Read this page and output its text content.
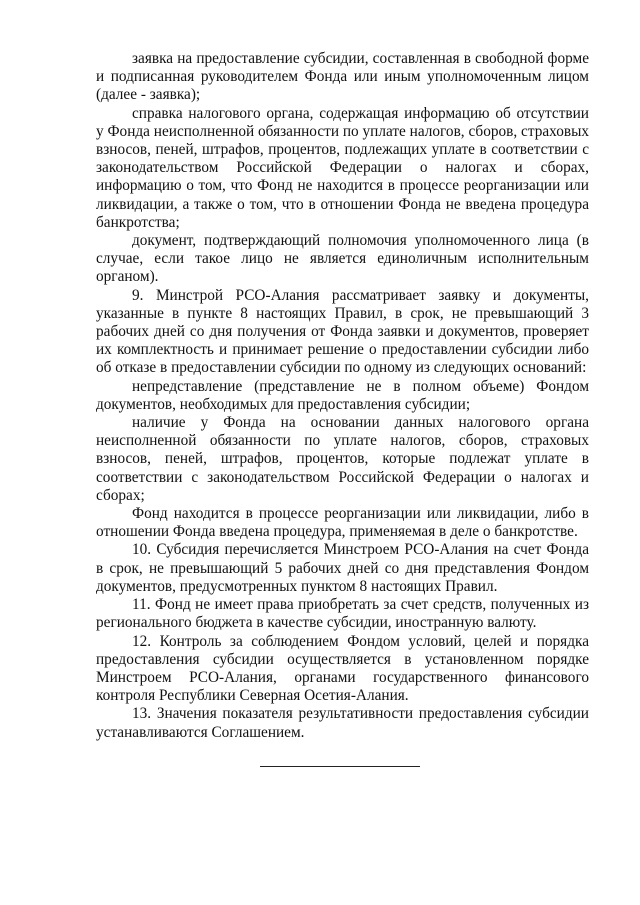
заявка на предоставление субсидии, составленная в свободной форме и подписанная руководителем Фонда или иным уполномоченным лицом (далее - заявка);

справка налогового органа, содержащая информацию об отсутствии у Фонда неисполненной обязанности по уплате налогов, сборов, страховых взносов, пеней, штрафов, процентов, подлежащих уплате в соответствии с законодательством Российской Федерации о налогах и сборах, информацию о том, что Фонд не находится в процессе реорганизации или ликвидации, а также о том, что в отношении Фонда не введена процедура банкротства;

документ, подтверждающий полномочия уполномоченного лица (в случае, если такое лицо не является единоличным исполнительным органом).

9. Минстрой РСО-Алания рассматривает заявку и документы, указанные в пункте 8 настоящих Правил, в срок, не превышающий 3 рабочих дней со дня получения от Фонда заявки и документов, проверяет их комплектность и принимает решение о предоставлении субсидии либо об отказе в предоставлении субсидии по одному из следующих оснований:

непредставление (представление не в полном объеме) Фондом документов, необходимых для предоставления субсидии;

наличие у Фонда на основании данных налогового органа неисполненной обязанности по уплате налогов, сборов, страховых взносов, пеней, штрафов, процентов, которые подлежат уплате в соответствии с законодательством Российской Федерации о налогах и сборах;

Фонд находится в процессе реорганизации или ликвидации, либо в отношении Фонда введена процедура, применяемая в деле о банкротстве.

10. Субсидия перечисляется Минстроем РСО-Алания на счет Фонда в срок, не превышающий 5 рабочих дней со дня представления Фондом документов, предусмотренных пунктом 8 настоящих Правил.

11. Фонд не имеет права приобретать за счет средств, полученных из регионального бюджета в качестве субсидии, иностранную валюту.

12. Контроль за соблюдением Фондом условий, целей и порядка предоставления субсидии осуществляется в установленном порядке Минстроем РСО-Алания, органами государственного финансового контроля Республики Северная Осетия-Алания.

13. Значения показателя результативности предоставления субсидии устанавливаются Соглашением.
